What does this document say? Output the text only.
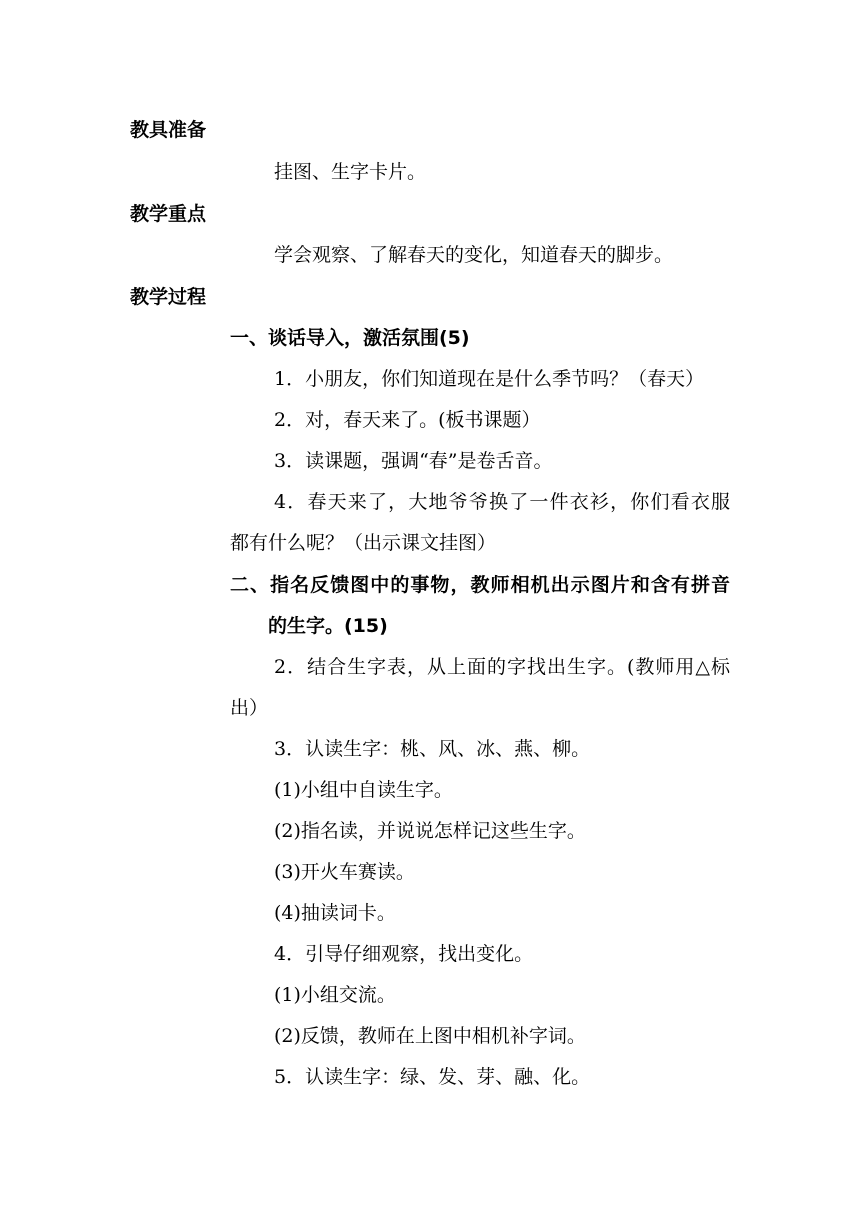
教具准备
挂图、生字卡片。
教学重点
学会观察、了解春天的变化，知道春天的脚步。
教学过程
一、谈话导入，激活氛围(5)
1．小朋友，你们知道现在是什么季节吗？（春天）
2．对，春天来了。(板书课题）
3．读课题，强调“春”是卷舌音。
4．春天来了，大地爷爷换了一件衣衫，你们看衣服
都有什么呢？（出示课文挂图）
二、指名反馈图中的事物，教师相机出示图片和含有拼音
的生字。(15)
2．结合生字表，从上面的字找出生字。(教师用△标
出）
3．认读生字：桃、风、冰、燕、柳。
(1)小组中自读生字。
(2)指名读，并说说怎样记这些生字。
(3)开火车赛读。
(4)抽读词卡。
4．引导仔细观察，找出变化。
(1)小组交流。
(2)反馈，教师在上图中相机补字词。
5．认读生字：绿、发、芽、融、化。
